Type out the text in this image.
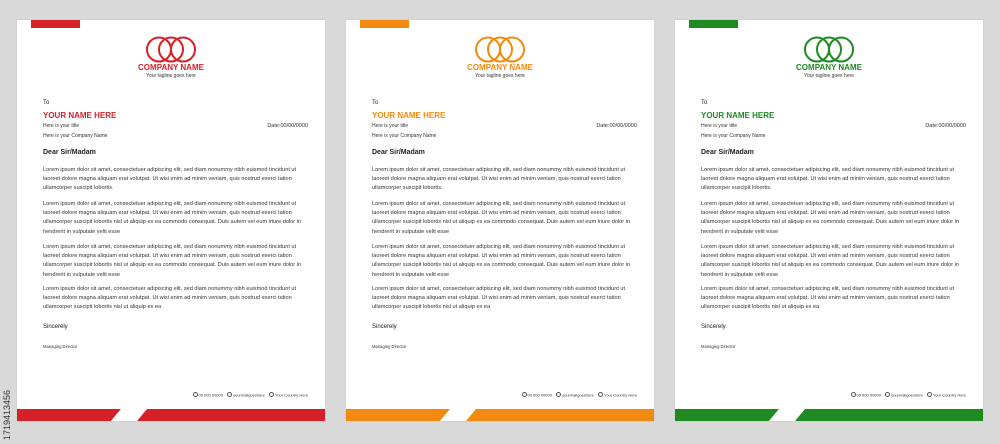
COMPANY NAME
Your tagline goes here
To
YOUR NAME HERE
Here is your title	Date:00/00/0000
Here is your Company Name
Dear Sir/Madam
Lorem ipsum dolor sit amet, consectetuer adipiscing elit, sed diam nonummy nibh euismod tincidunt ut laoreet dolore magna aliquam erat volutpat. Ut wisi enim ad minim veniam, quis nostrud exerci tation ullamcorper suscipit lobortis.
Lorem ipsum dolor sit amet, consectetuer adipiscing elit, sed diam nonummy nibh euismod tincidunt ut laoreet dolore magna aliquam erat volutpat. Ut wisi enim ad minim veniam, quis nostrud exerci tation ullamcorper suscipit lobortis nisl ut aliquip ex ea commodo consequat. Duis autem vel eum iriure dolor in hendrerit in vulputate velit esse
Lorem ipsum dolor sit amet, consectetuer adipiscing elit, sed diam nonummy nibh euismod tincidunt ut laoreet dolore magna aliquam erat volutpat. Ut wisi enim ad minim veniam, quis nostrud exerci tation ullamcorper suscipit lobortis nisl ut aliquip ex ea commodo consequat. Duis autem vel eum iriure dolor in hendrerit in vulputate velit esse
Lorem ipsum dolor sit amet, consectetuer adipiscing elit, sed diam nonummy nibh euismod tincidunt ut laoreet dolore magna aliquam erat volutpat. Ut wisi enim ad minim veniam, quis nostrud exerci tation ullamcorper suscipit lobortis nisl ut aliquip ex ea
Sincerely
Managing Director
00 000 00000	yourmailgoeshere	Your Country Here
COMPANY NAME
Your tagline goes here
To
YOUR NAME HERE
Here is your title	Date:00/00/0000
Here is your Company Name
Dear Sir/Madam
Lorem ipsum dolor sit amet, consectetuer adipiscing elit, sed diam nonummy nibh euismod tincidunt ut laoreet dolore magna aliquam erat volutpat. Ut wisi enim ad minim veniam, quis nostrud exerci tation ullamcorper suscipit lobortis.
Lorem ipsum dolor sit amet, consectetuer adipiscing elit, sed diam nonummy nibh euismod tincidunt ut laoreet dolore magna aliquam erat volutpat. Ut wisi enim ad minim veniam, quis nostrud exerci tation ullamcorper suscipit lobortis nisl ut aliquip ex ea commodo consequat. Duis autem vel eum iriure dolor in hendrerit in vulputate velit esse
Lorem ipsum dolor sit amet, consectetuer adipiscing elit, sed diam nonummy nibh euismod tincidunt ut laoreet dolore magna aliquam erat volutpat. Ut wisi enim ad minim veniam, quis nostrud exerci tation ullamcorper suscipit lobortis nisl ut aliquip ex ea commodo consequat. Duis autem vel eum iriure dolor in hendrerit in vulputate velit esse
Lorem ipsum dolor sit amet, consectetuer adipiscing elit, sed diam nonummy nibh euismod tincidunt ut laoreet dolore magna aliquam erat volutpat. Ut wisi enim ad minim veniam, quis nostrud exerci tation ullamcorper suscipit lobortis nisl ut aliquip ex ea
Sincerely
Managing Director
00 000 00000	yourmailgoeshere	Your Country Here
COMPANY NAME
Your tagline goes here
To
YOUR NAME HERE
Here is your title	Date:00/00/0000
Here is your Company Name
Dear Sir/Madam
Lorem ipsum dolor sit amet, consectetuer adipiscing elit, sed diam nonummy nibh euismod tincidunt ut laoreet dolore magna aliquam erat volutpat. Ut wisi enim ad minim veniam, quis nostrud exerci tation ullamcorper suscipit lobortis.
Lorem ipsum dolor sit amet, consectetuer adipiscing elit, sed diam nonummy nibh euismod tincidunt ut laoreet dolore magna aliquam erat volutpat. Ut wisi enim ad minim veniam, quis nostrud exerci tation ullamcorper suscipit lobortis nisl ut aliquip ex ea commodo consequat. Duis autem vel eum iriure dolor in hendrerit in vulputate velit esse
Lorem ipsum dolor sit amet, consectetuer adipiscing elit, sed diam nonummy nibh euismod tincidunt ut laoreet dolore magna aliquam erat volutpat. Ut wisi enim ad minim veniam, quis nostrud exerci tation ullamcorper suscipit lobortis nisl ut aliquip ex ea commodo consequat. Duis autem vel eum iriure dolor in hendrerit in vulputate velit esse
Lorem ipsum dolor sit amet, consectetuer adipiscing elit, sed diam nonummy nibh euismod tincidunt ut laoreet dolore magna aliquam erat volutpat. Ut wisi enim ad minim veniam, quis nostrud exerci tation ullamcorper suscipit lobortis nisl ut aliquip ex ea
Sincerely
Managing Director
00 000 00000	yourmailgoeshere	Your Country Here
1719413456
